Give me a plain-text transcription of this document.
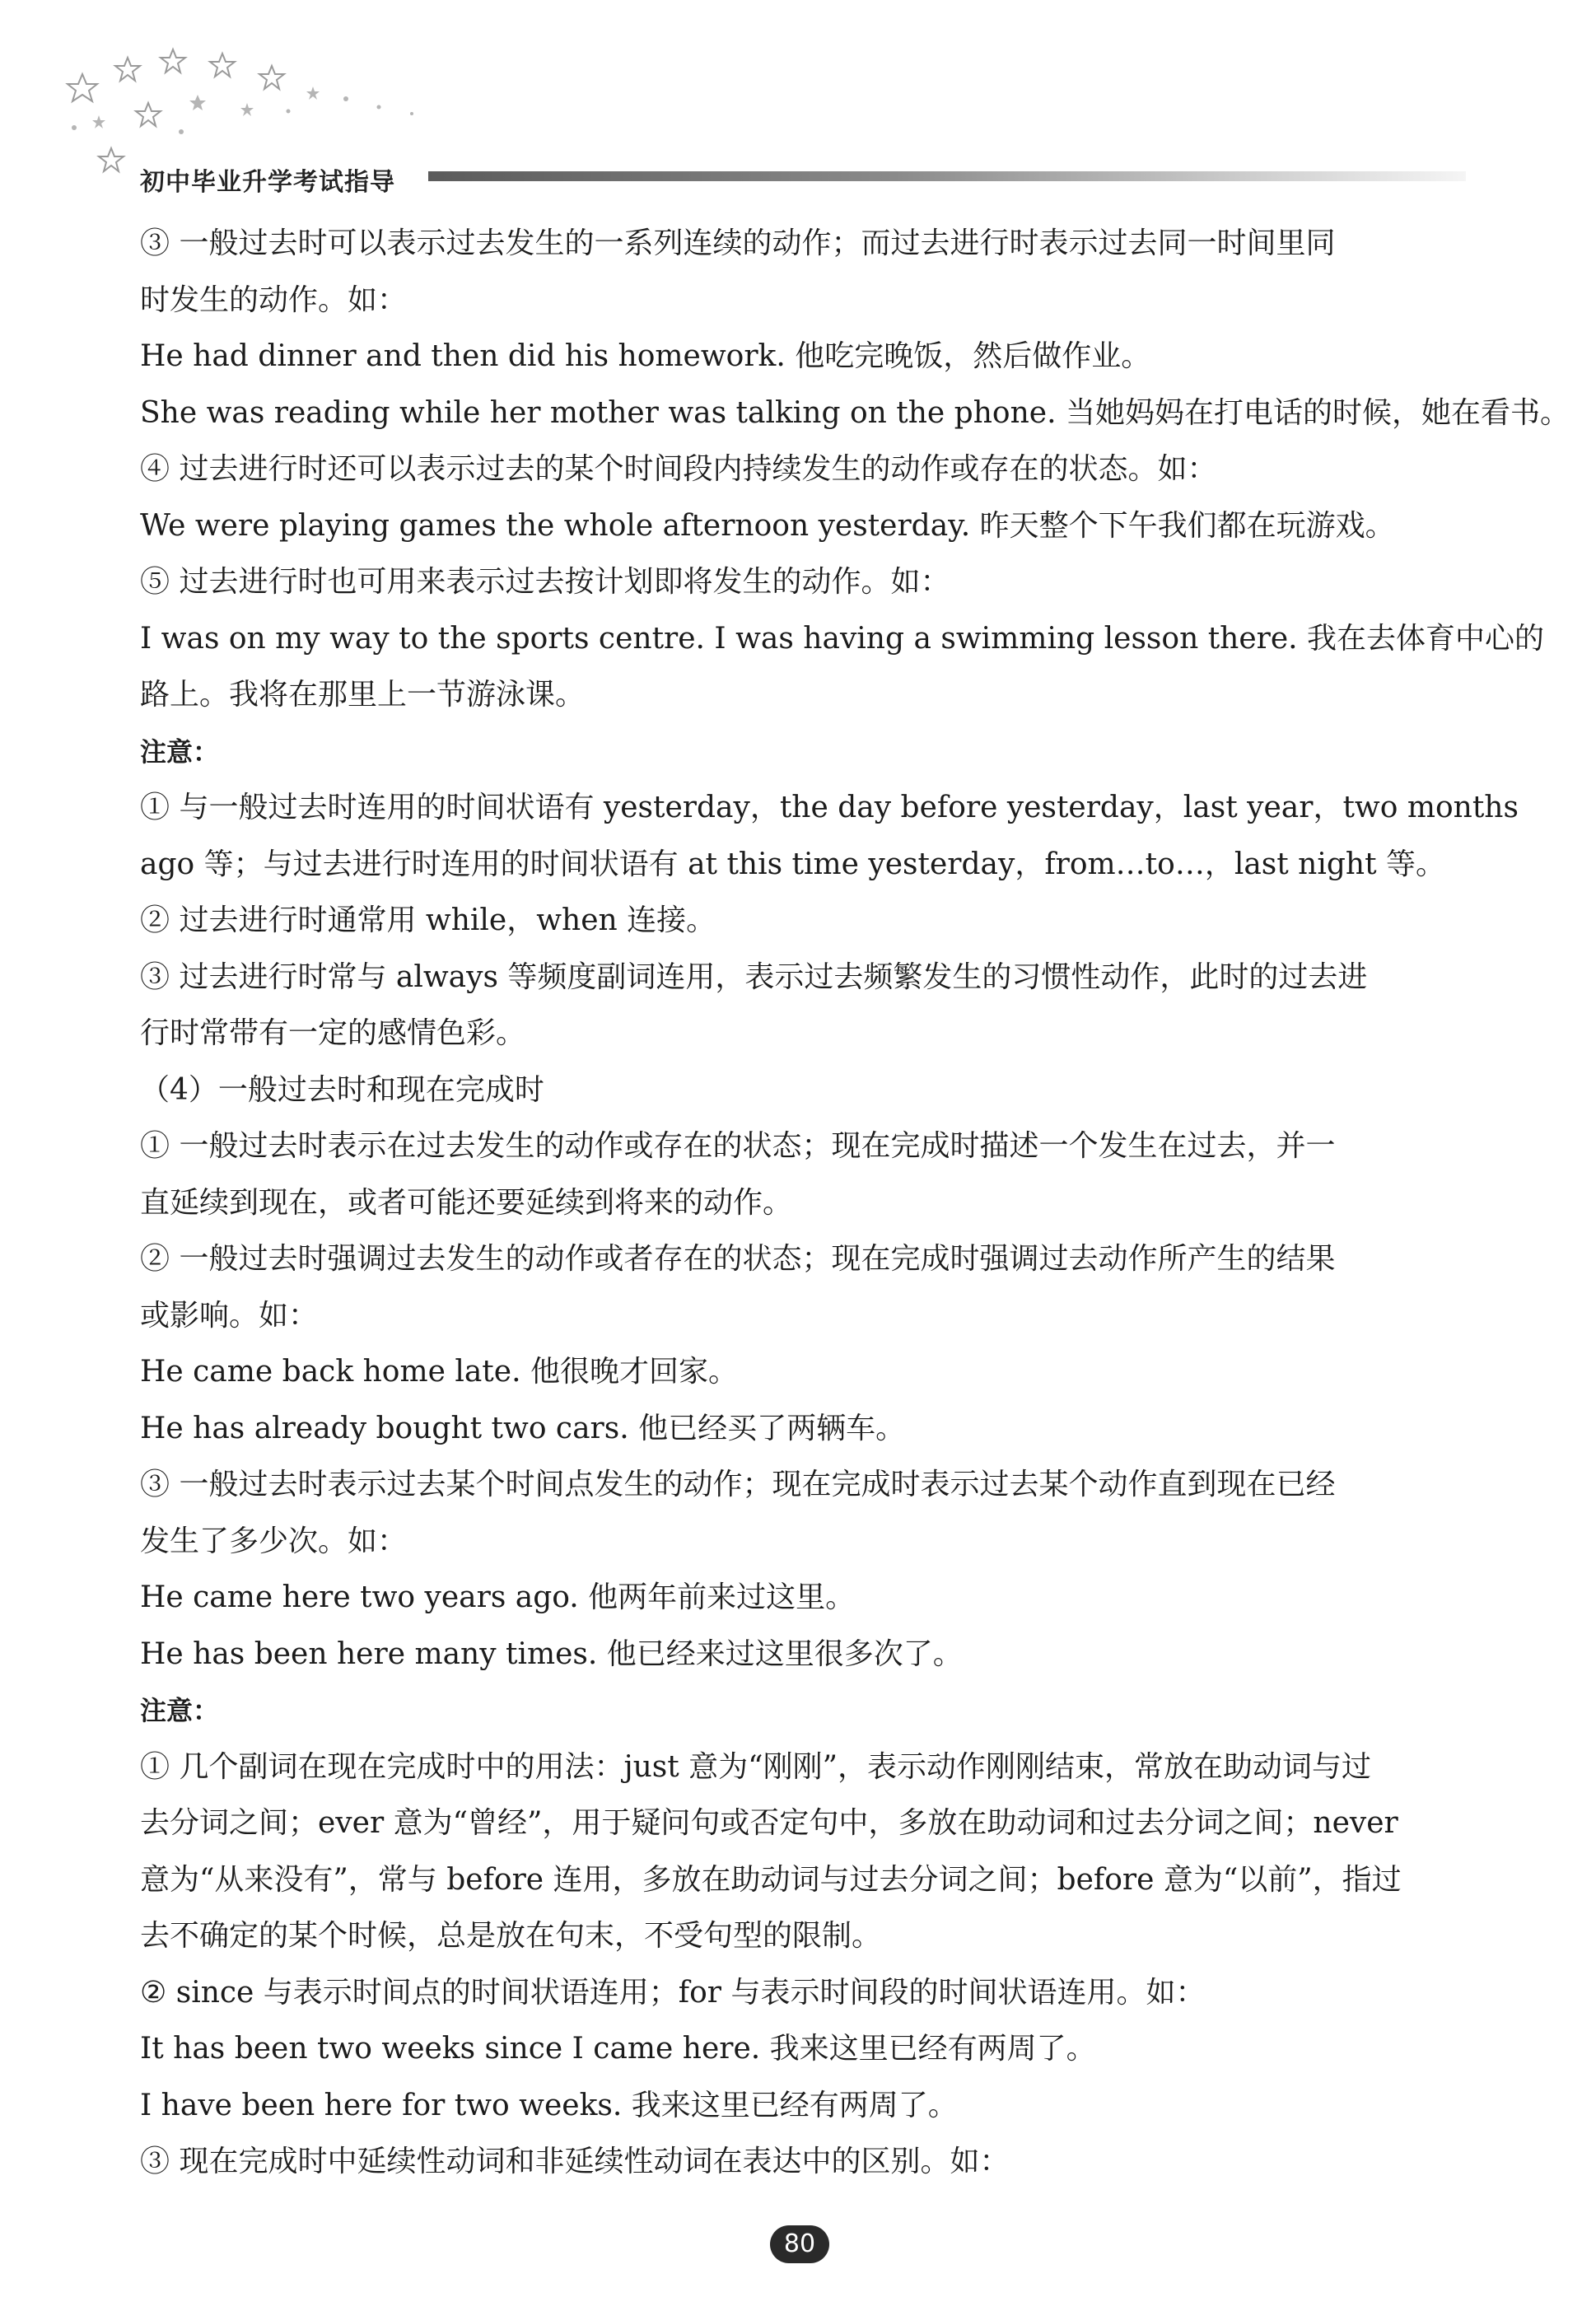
初中毕业升学考试指导
③ 一般过去时可以表示过去发生的一系列连续的动作；而过去进行时表示过去同一时间里同
时发生的动作。如：
He had dinner and then did his homework. 他吃完晚饭，然后做作业。
She was reading while her mother was talking on the phone. 当她妈妈在打电话的时候，她在看书。
④ 过去进行时还可以表示过去的某个时间段内持续发生的动作或存在的状态。如：
We were playing games the whole afternoon yesterday. 昨天整个下午我们都在玩游戏。
⑤ 过去进行时也可用来表示过去按计划即将发生的动作。如：
I was on my way to the sports centre. I was having a swimming lesson there. 我在去体育中心的
路上。我将在那里上一节游泳课。
注意：
① 与一般过去时连用的时间状语有 yesterday，the day before yesterday，last year，two months
ago 等；与过去进行时连用的时间状语有 at this time yesterday，from…to…，last night 等。
② 过去进行时通常用 while，when 连接。
③ 过去进行时常与 always 等频度副词连用，表示过去频繁发生的习惯性动作，此时的过去进
行时常带有一定的感情色彩。
（4）一般过去时和现在完成时
① 一般过去时表示在过去发生的动作或存在的状态；现在完成时描述一个发生在过去，并一
直延续到现在，或者可能还要延续到将来的动作。
② 一般过去时强调过去发生的动作或者存在的状态；现在完成时强调过去动作所产生的结果
或影响。如：
He came back home late. 他很晚才回家。
He has already bought two cars. 他已经买了两辆车。
③ 一般过去时表示过去某个时间点发生的动作；现在完成时表示过去某个动作直到现在已经
发生了多少次。如：
He came here two years ago. 他两年前来过这里。
He has been here many times. 他已经来过这里很多次了。
注意：
① 几个副词在现在完成时中的用法：just 意为“刚刚”，表示动作刚刚结束，常放在助动词与过
去分词之间；ever 意为“曾经”，用于疑问句或否定句中，多放在助动词和过去分词之间；never
意为“从来没有”，常与 before 连用，多放在助动词与过去分词之间；before 意为“以前”，指过
去不确定的某个时候，总是放在句末，不受句型的限制。
② since 与表示时间点的时间状语连用；for 与表示时间段的时间状语连用。如：
It has been two weeks since I came here. 我来这里已经有两周了。
I have been here for two weeks. 我来这里已经有两周了。
③ 现在完成时中延续性动词和非延续性动词在表达中的区别。如：
80
